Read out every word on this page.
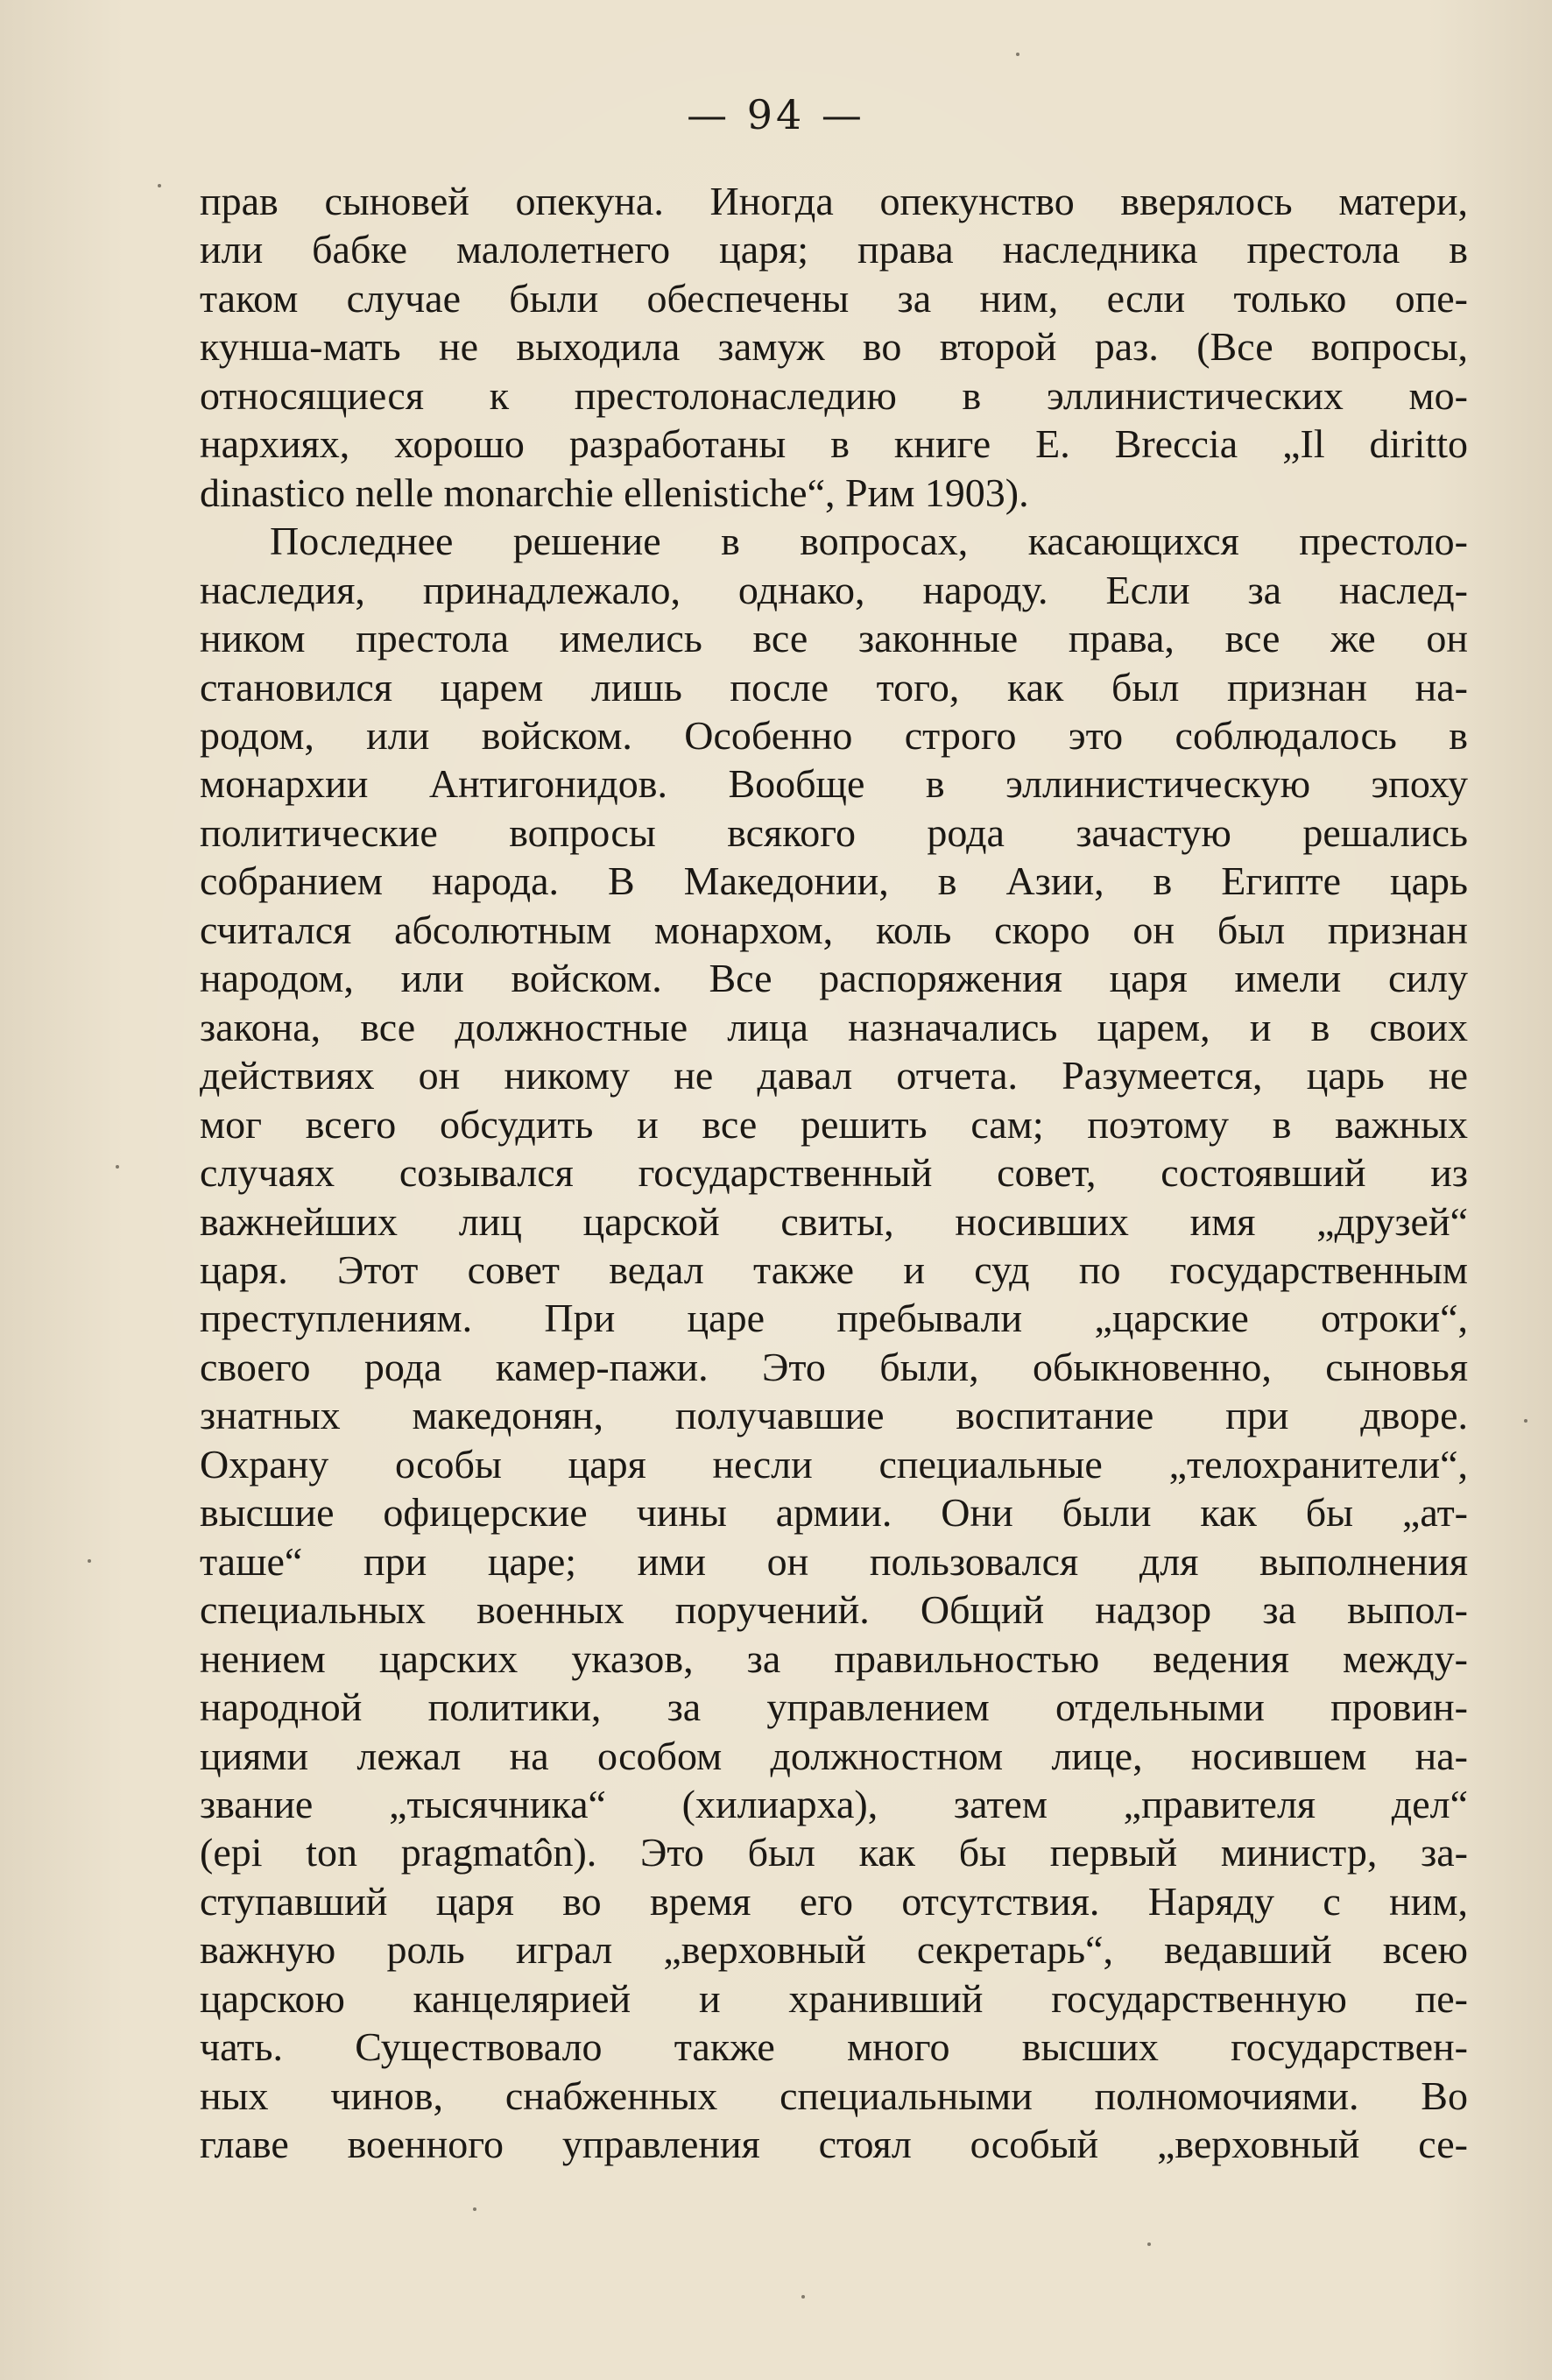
— 94 —

прав сыновей опекуна. Иногда опекунство вверялось матери,
или бабке малолетнего царя; права наследника престола в
таком случае были обеспечены за ним, если только опе-
кунша-мать не выходила замуж во второй раз. (Все вопросы,
относящиеся к престолонаследию в эллинистических мо-
нархиях, хорошо разработаны в книге E. Breccia „Il diritto
dinastico nelle monarchie ellenistiche“, Рим 1903).

Последнее решение в вопросах, касающихся престоло-
наследия, принадлежало, однако, народу. Если за наслед-
ником престола имелись все законные права, все же он
становился царем лишь после того, как был признан на-
родом, или войском. Особенно строго это соблюдалось в
монархии Антигонидов. Вообще в эллинистическую эпоху
политические вопросы всякого рода зачастую решались
собранием народа. В Македонии, в Азии, в Египте царь
считался абсолютным монархом, коль скоро он был признан
народом, или войском. Все распоряжения царя имели силу
закона, все должностные лица назначались царем, и в своих
действиях он никому не давал отчета. Разумеется, царь не
мог всего обсудить и все решить сам; поэтому в важных
случаях созывался государственный совет, состоявший из
важнейших лиц царской свиты, носивших имя „друзей“
царя. Этот совет ведал также и суд по государственным
преступлениям. При царе пребывали „царские отроки“,
своего рода камер-пажи. Это были, обыкновенно, сыновья
знатных македонян, получавшие воспитание при дворе.
Охрану особы царя несли специальные „телохранители“,
высшие офицерские чины армии. Они были как бы „ат-
таше“ при царе; ими он пользовался для выполнения
специальных военных поручений. Общий надзор за выпол-
нением царских указов, за правильностью ведения между-
народной политики, за управлением отдельными провин-
циями лежал на особом должностном лице, носившем на-
звание „тысячника“ (хилиарха), затем „правителя дел“
(epi ton pragmatôn). Это был как бы первый министр, за-
ступавший царя во время его отсутствия. Наряду с ним,
важную роль играл „верховный секретарь“, ведавший всею
царскою канцелярией и хранивший государственную пе-
чать. Существовало также много высших государствен-
ных чинов, снабженных специальными полномочиями. Во
главе военного управления стоял особый „верховный се-
